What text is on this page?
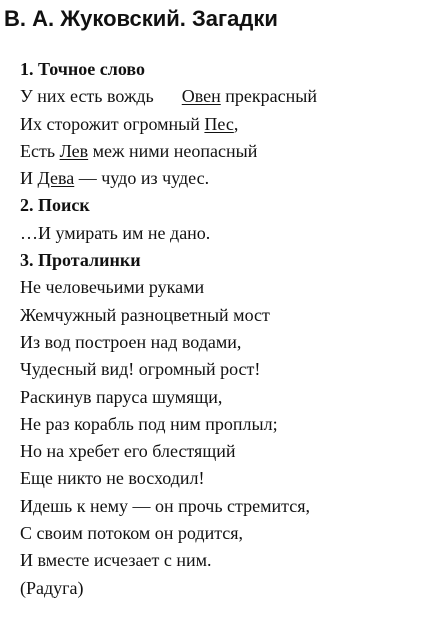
В. А. Жуковский. Загадки
1. Точное слово
У них есть вождь Овен прекрасный
Их сторожит огромный Пес,
Есть Лев меж ними неопасный
И Дева — чудо из чудес.
2. Поиск
…И умирать им не дано.
3. Проталинки
Не человечьими руками
Жемчужный разноцветный мост
Из вод построен над водами,
Чудесный вид! огромный рост!
Раскинув паруса шумящи,
Не раз корабль под ним проплыл;
Но на хребет его блестящий
Еще никто не восходил!
Идешь к нему — он прочь стремится,
С своим потоком он родится,
И вместе исчезает с ним.
(Радуга)
